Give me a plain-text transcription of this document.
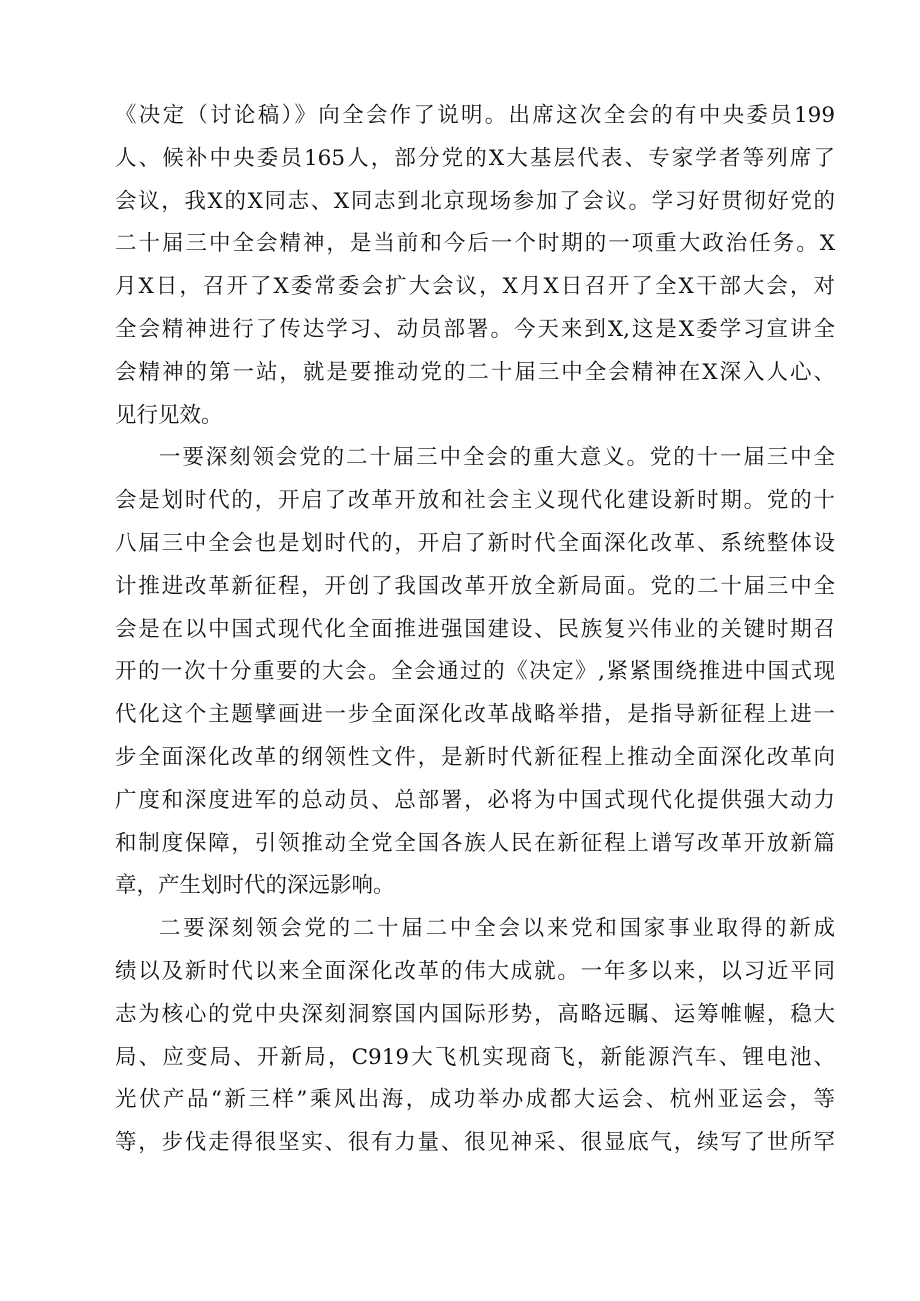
《决定（讨论稿）》向全会作了说明。出席这次全会的有中央委员199
人、候补中央委员165人，部分党的X大基层代表、专家学者等列席了
会议，我X的X同志、X同志到北京现场参加了会议。学习好贯彻好党的
二十届三中全会精神，是当前和今后一个时期的一项重大政治任务。X
月X日，召开了X委常委会扩大会议，X月X日召开了全X干部大会，对
全会精神进行了传达学习、动员部署。今天来到X,这是X委学习宣讲全
会精神的第一站，就是要推动党的二十届三中全会精神在X深入人心、
见行见效。
一要深刻领会党的二十届三中全会的重大意义。党的十一届三中全
会是划时代的，开启了改革开放和社会主义现代化建设新时期。党的十
八届三中全会也是划时代的，开启了新时代全面深化改革、系统整体设
计推进改革新征程，开创了我国改革开放全新局面。党的二十届三中全
会是在以中国式现代化全面推进强国建设、民族复兴伟业的关键时期召
开的一次十分重要的大会。全会通过的《决定》,紧紧围绕推进中国式现
代化这个主题擘画进一步全面深化改革战略举措，是指导新征程上进一
步全面深化改革的纲领性文件，是新时代新征程上推动全面深化改革向
广度和深度进军的总动员、总部署，必将为中国式现代化提供强大动力
和制度保障，引领推动全党全国各族人民在新征程上谱写改革开放新篇
章，产生划时代的深远影响。
二要深刻领会党的二十届二中全会以来党和国家事业取得的新成
绩以及新时代以来全面深化改革的伟大成就。一年多以来，以习近平同
志为核心的党中央深刻洞察国内国际形势，高略远瞩、运筹帷幄，稳大
局、应变局、开新局，C919大飞机实现商飞，新能源汽车、锂电池、
光伏产品“新三样”乘风出海，成功举办成都大运会、杭州亚运会，等
等，步伐走得很坚实、很有力量、很见神采、很显底气，续写了世所罕
